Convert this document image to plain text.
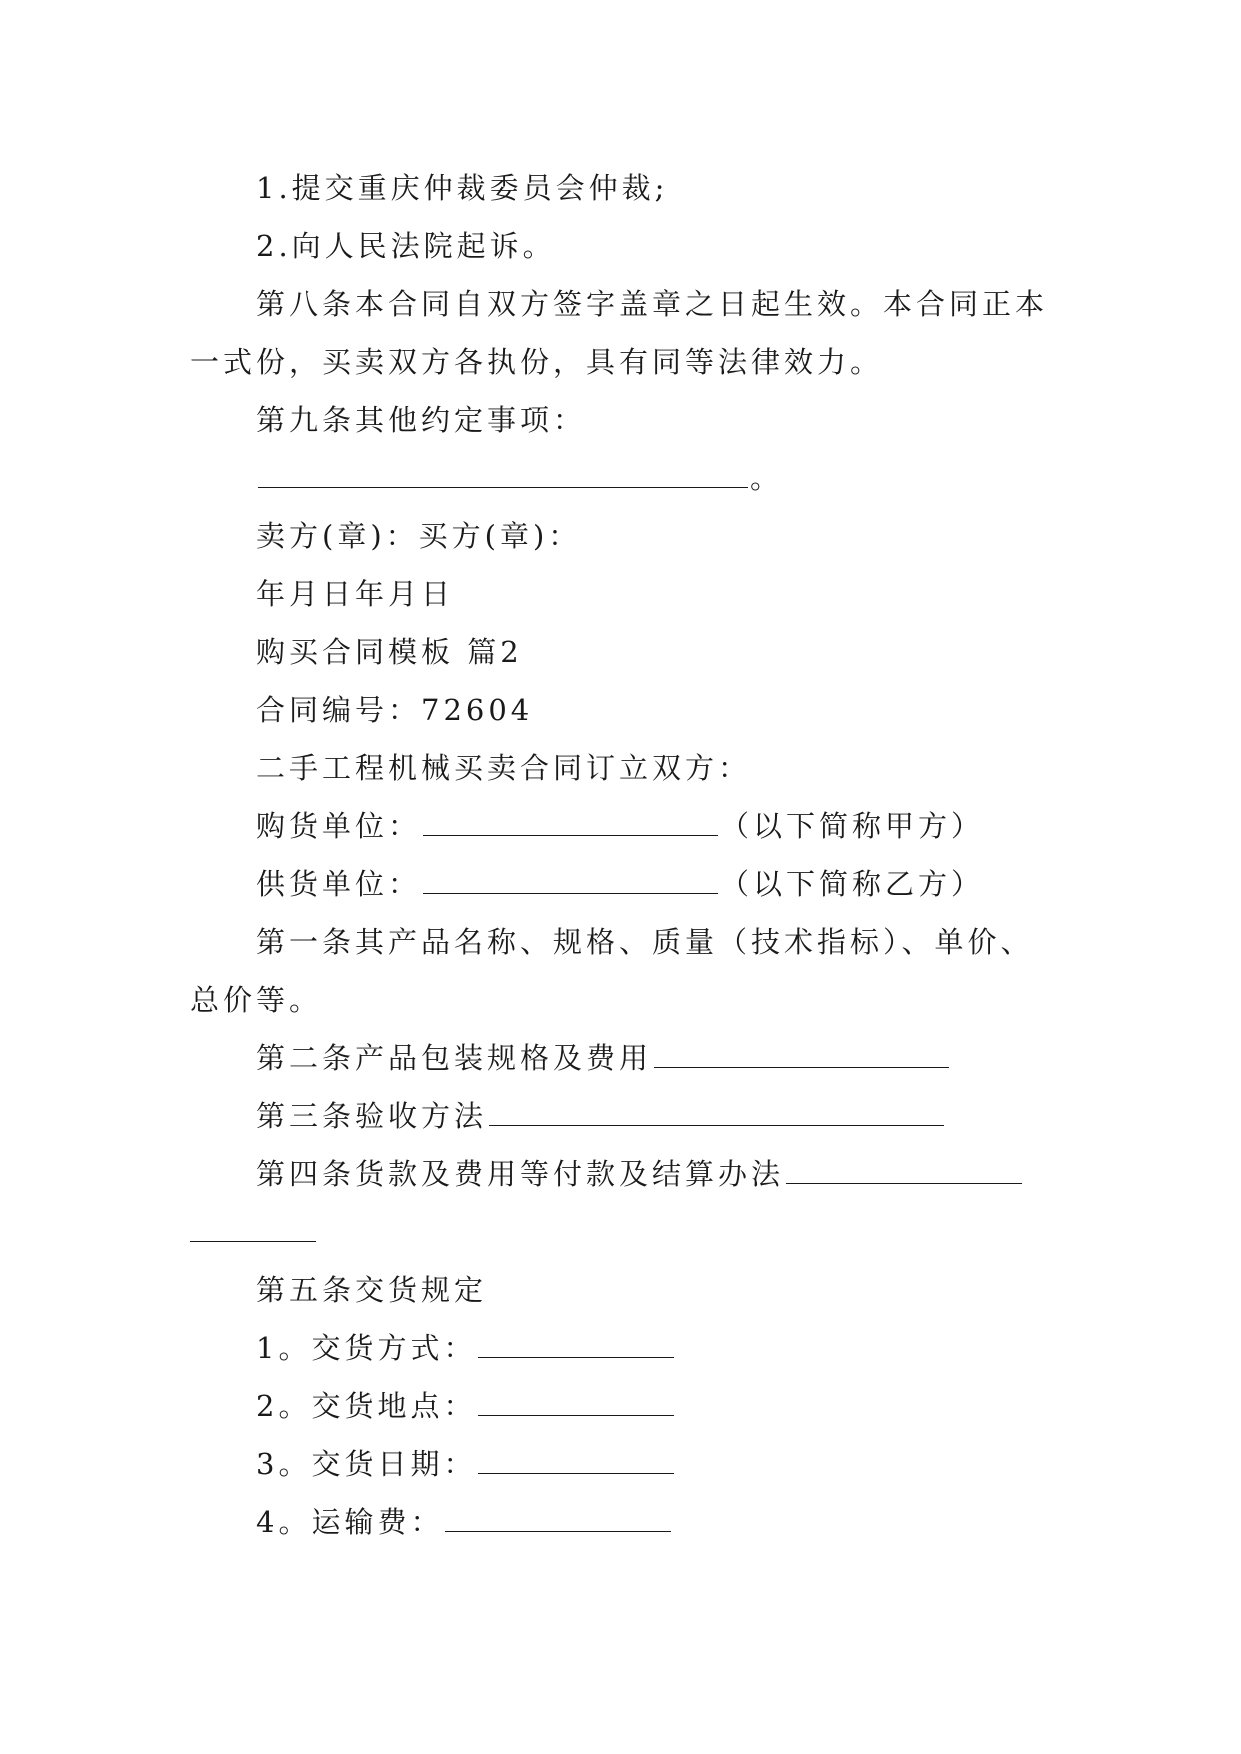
1.提交重庆仲裁委员会仲裁;
2.向人民法院起诉。
第八条本合同自双方签字盖章之日起生效。本合同正本
一式份，买卖双方各执份，具有同等法律效力。
第九条其他约定事项：
。
卖方(章)：买方(章)：
年月日年月日
购买合同模板 篇2
合同编号：72604
二手工程机械买卖合同订立双方：
购货单位：	（以下简称甲方）
供货单位：	（以下简称乙方）
第一条其产品名称、规格、质量（技术指标）、单价、
总价等。
第二条产品包装规格及费用
第三条验收方法
第四条货款及费用等付款及结算办法
第五条交货规定
1。交货方式：
2。交货地点：
3。交货日期：
4。运输费：
